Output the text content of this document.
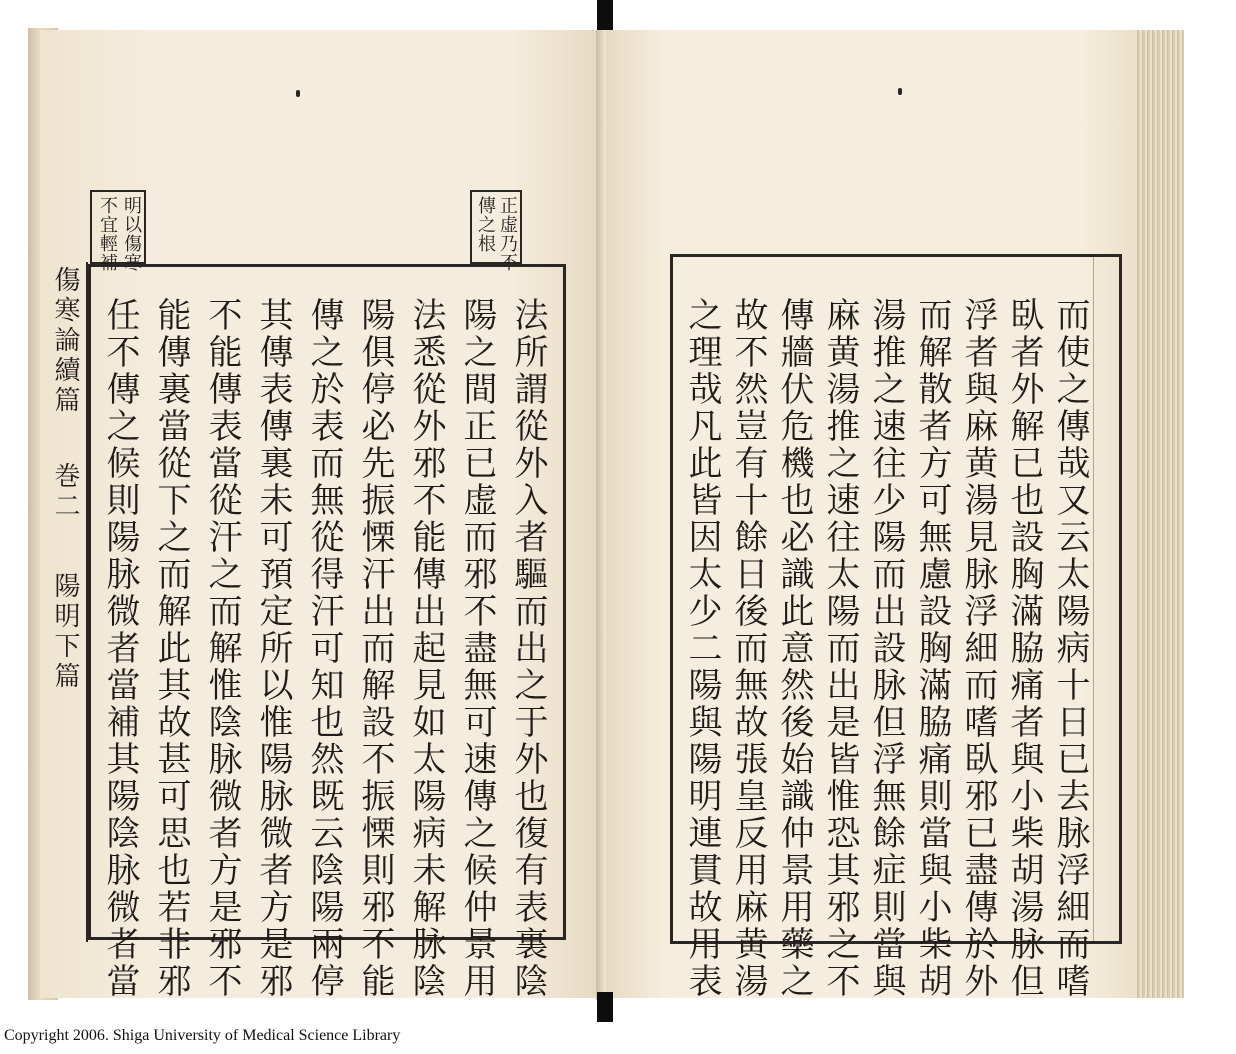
傷寒論續篇
巻二
陽明下篇
明以傷寒
不宜輕補	正虚乃不
傳之根
法所謂從外入者驅而出之于外也復有表裏陰
陽之間正已虚而邪不盡無可速傳之候仲景用
法悉從外邪不能傳出起見如太陽病未解脉陰
陽俱停必先振慄汗出而解設不振慄則邪不能
傳之於表而無從得汗可知也然既云陰陽兩停
其傳表傳裏未可預定所以惟陽脉微者方是邪
不能傳表當從汗之而解惟陰脉微者方是邪不
能傳裏當從下之而解此其故甚可思也若非邪
任不傳之候則陽脉微者當補其陽陰脉微者當	而使之傳哉又云太陽病十日已去脉浮細而嗜
臥者外解已也設胸滿脇痛者與小柴胡湯脉但
浮者與麻黄湯見脉浮細而嗜臥邪已盡傳於外
而解散者方可無慮設胸滿脇痛則當與小柴胡
湯推之速往少陽而出設脉但浮無餘症則當與
麻黄湯推之速往太陽而出是皆惟恐其邪之不
傳牆伏危機也必識此意然後始識仲景用藥之
故不然豈有十餘日後而無故張皇反用麻黄湯
之理哉凡此皆因太少二陽與陽明連貫故用表
Copyright 2006. Shiga University of Medical Science Library
